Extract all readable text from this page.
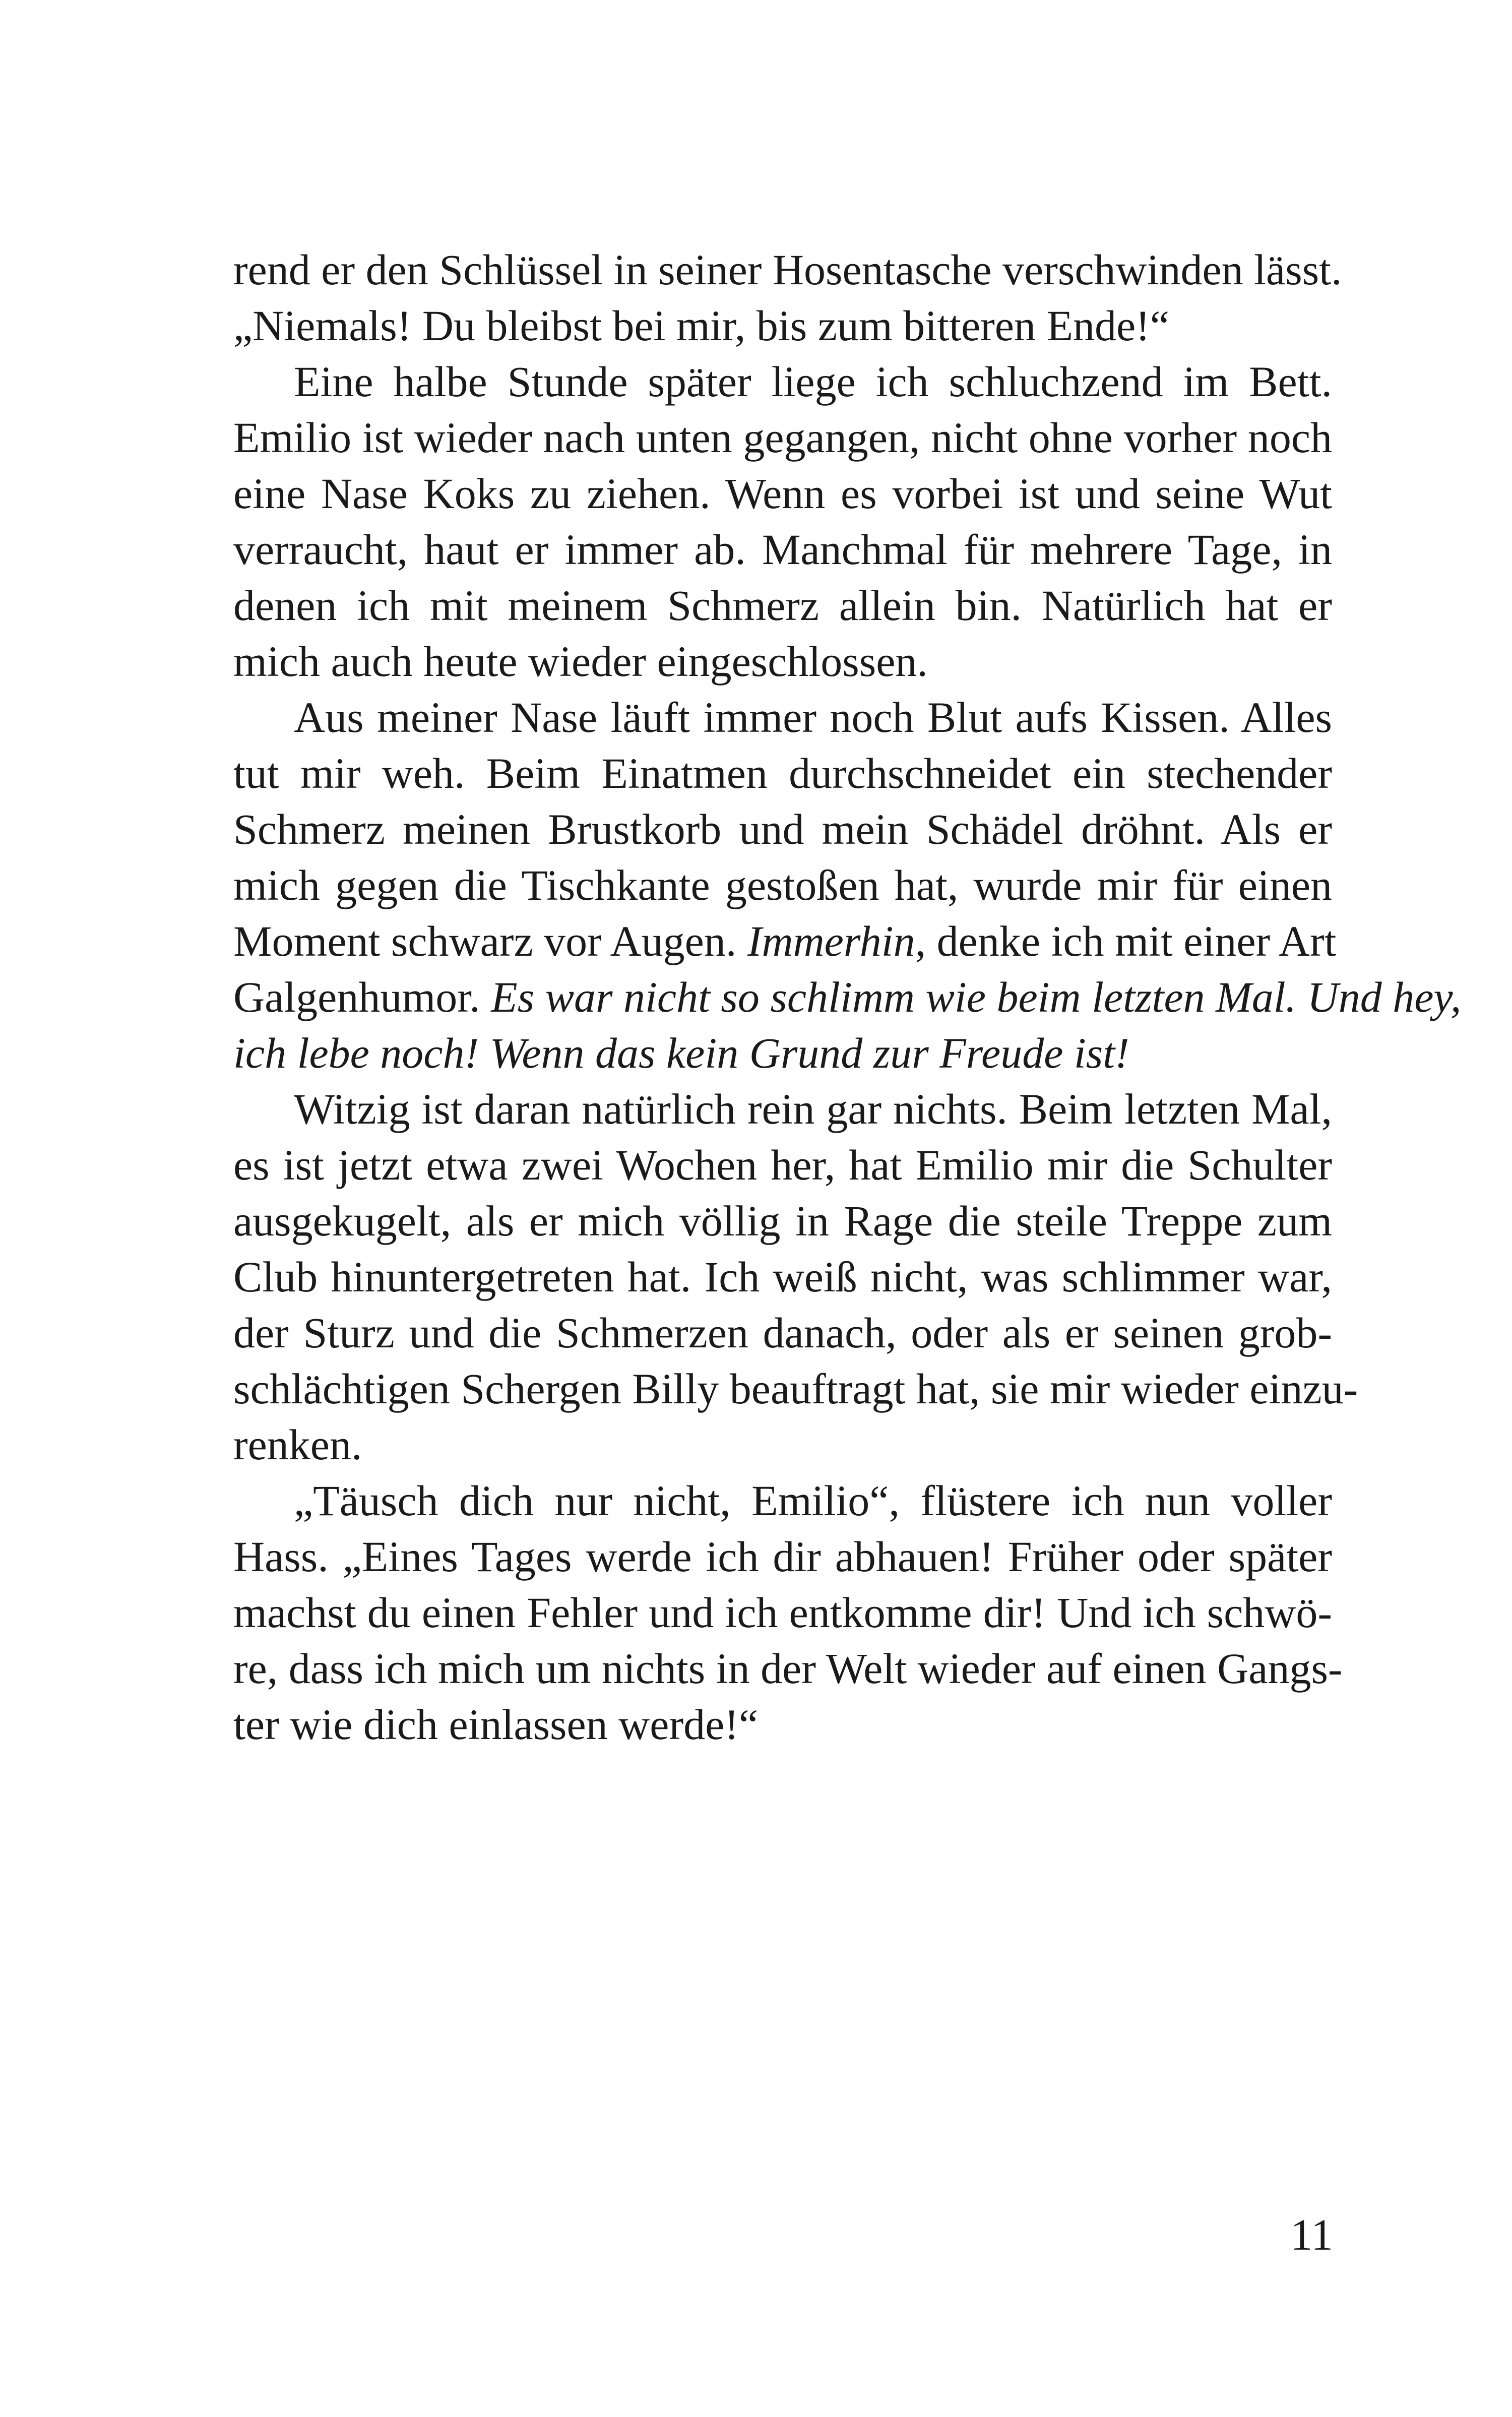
rend er den Schlüssel in seiner Hosentasche verschwinden lässt.
„Niemals! Du bleibst bei mir, bis zum bitteren Ende!“

Eine halbe Stunde später liege ich schluchzend im Bett.
Emilio ist wieder nach unten gegangen, nicht ohne vorher noch
eine Nase Koks zu ziehen. Wenn es vorbei ist und seine Wut
verraucht, haut er immer ab. Manchmal für mehrere Tage, in
denen ich mit meinem Schmerz allein bin. Natürlich hat er
mich auch heute wieder eingeschlossen.

Aus meiner Nase läuft immer noch Blut aufs Kissen. Alles
tut mir weh. Beim Einatmen durchschneidet ein stechender
Schmerz meinen Brustkorb und mein Schädel dröhnt. Als er
mich gegen die Tischkante gestoßen hat, wurde mir für einen
Moment schwarz vor Augen. Immerhin, denke ich mit einer Art
Galgenhumor. Es war nicht so schlimm wie beim letzten Mal. Und hey,
ich lebe noch! Wenn das kein Grund zur Freude ist!

Witzig ist daran natürlich rein gar nichts. Beim letzten Mal,
es ist jetzt etwa zwei Wochen her, hat Emilio mir die Schulter
ausgekugelt, als er mich völlig in Rage die steile Treppe zum
Club hinuntergetreten hat. Ich weiß nicht, was schlimmer war,
der Sturz und die Schmerzen danach, oder als er seinen grob-
schlächtigen Schergen Billy beauftragt hat, sie mir wieder einzu-
renken.

„Täusch dich nur nicht, Emilio“, flüstere ich nun voller
Hass. „Eines Tages werde ich dir abhauen! Früher oder später
machst du einen Fehler und ich entkomme dir! Und ich schwö-
re, dass ich mich um nichts in der Welt wieder auf einen Gangs-
ter wie dich einlassen werde!“

11
